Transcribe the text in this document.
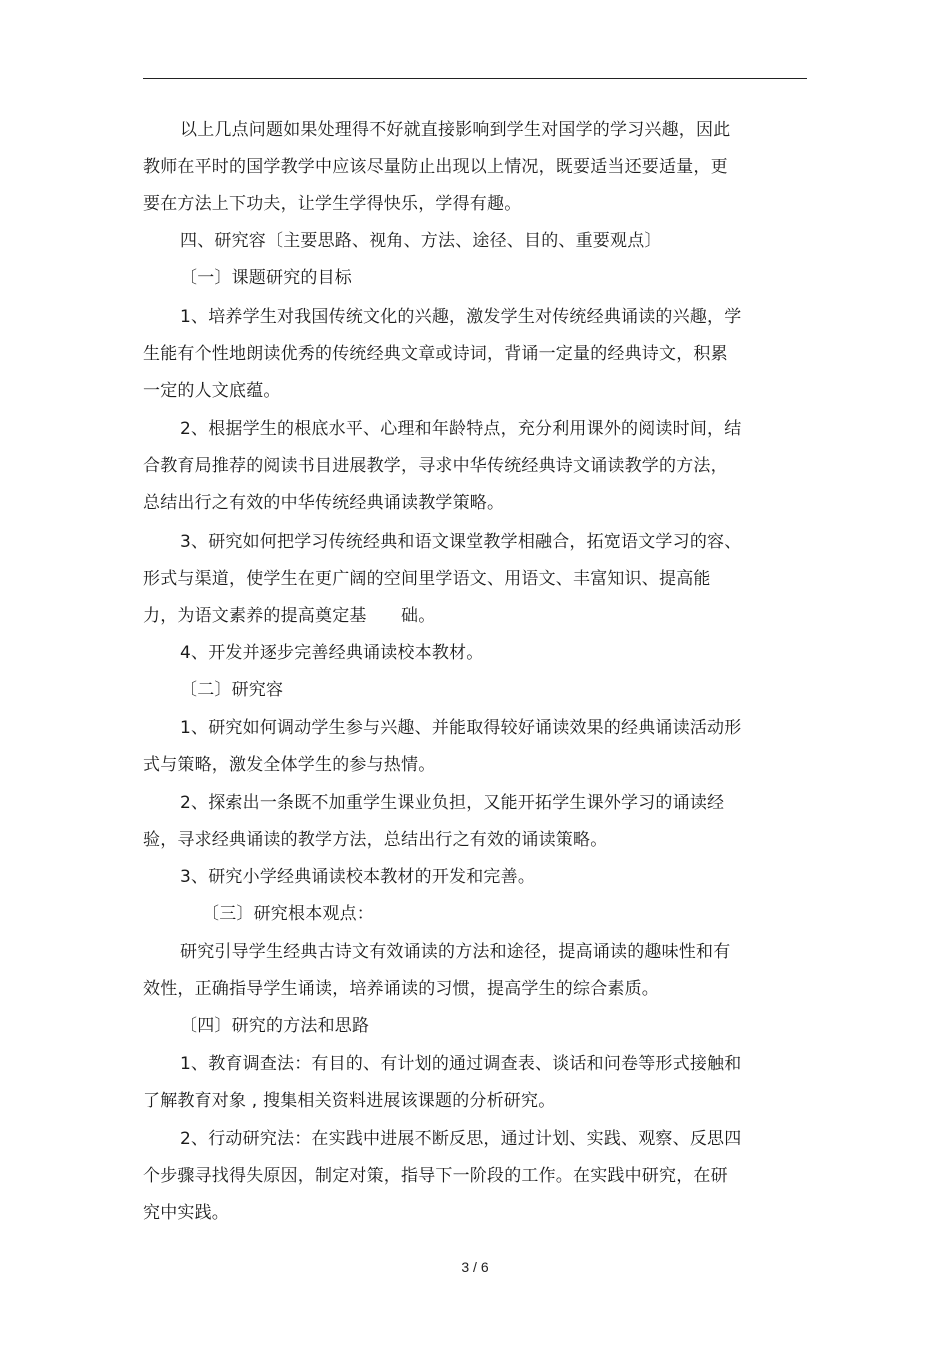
以上几点问题如果处理得不好就直接影响到学生对国学的学习兴趣，因此
教师在平时的国学教学中应该尽量防止出现以上情况，既要适当还要适量，更
要在方法上下功夫，让学生学得快乐，学得有趣。
四、研究容〔主要思路、视角、方法、途径、目的、重要观点〕
〔一〕课题研究的目标
1、培养学生对我国传统文化的兴趣，激发学生对传统经典诵读的兴趣，学
生能有个性地朗读优秀的传统经典文章或诗词，背诵一定量的经典诗文，积累
一定的人文底蕴。
2、根据学生的根底水平、心理和年龄特点，充分利用课外的阅读时间，结
合教育局推荐的阅读书目进展教学，寻求中华传统经典诗文诵读教学的方法，
总结出行之有效的中华传统经典诵读教学策略。
3、研究如何把学习传统经典和语文课堂教学相融合，拓宽语文学习的容、
形式与渠道，使学生在更广阔的空间里学语文、用语文、丰富知识、提高能
力，为语文素养的提高奠定基　　础。
4、开发并逐步完善经典诵读校本教材。
〔二〕研究容
1、研究如何调动学生参与兴趣、并能取得较好诵读效果的经典诵读活动形
式与策略，激发全体学生的参与热情。
2、探索出一条既不加重学生课业负担，又能开拓学生课外学习的诵读经
验，寻求经典诵读的教学方法，总结出行之有效的诵读策略。
3、研究小学经典诵读校本教材的开发和完善。
〔三〕研究根本观点：
研究引导学生经典古诗文有效诵读的方法和途径，提高诵读的趣味性和有
效性，正确指导学生诵读，培养诵读的习惯，提高学生的综合素质。
〔四〕研究的方法和思路
1、教育调查法：有目的、有计划的通过调查表、谈话和问卷等形式接触和
了解教育对象 , 搜集相关资料进展该课题的分析研究。
2、行动研究法：在实践中进展不断反思，通过计划、实践、观察、反思四
个步骤寻找得失原因，制定对策，指导下一阶段的工作。在实践中研究，在研
究中实践。
3 / 6
